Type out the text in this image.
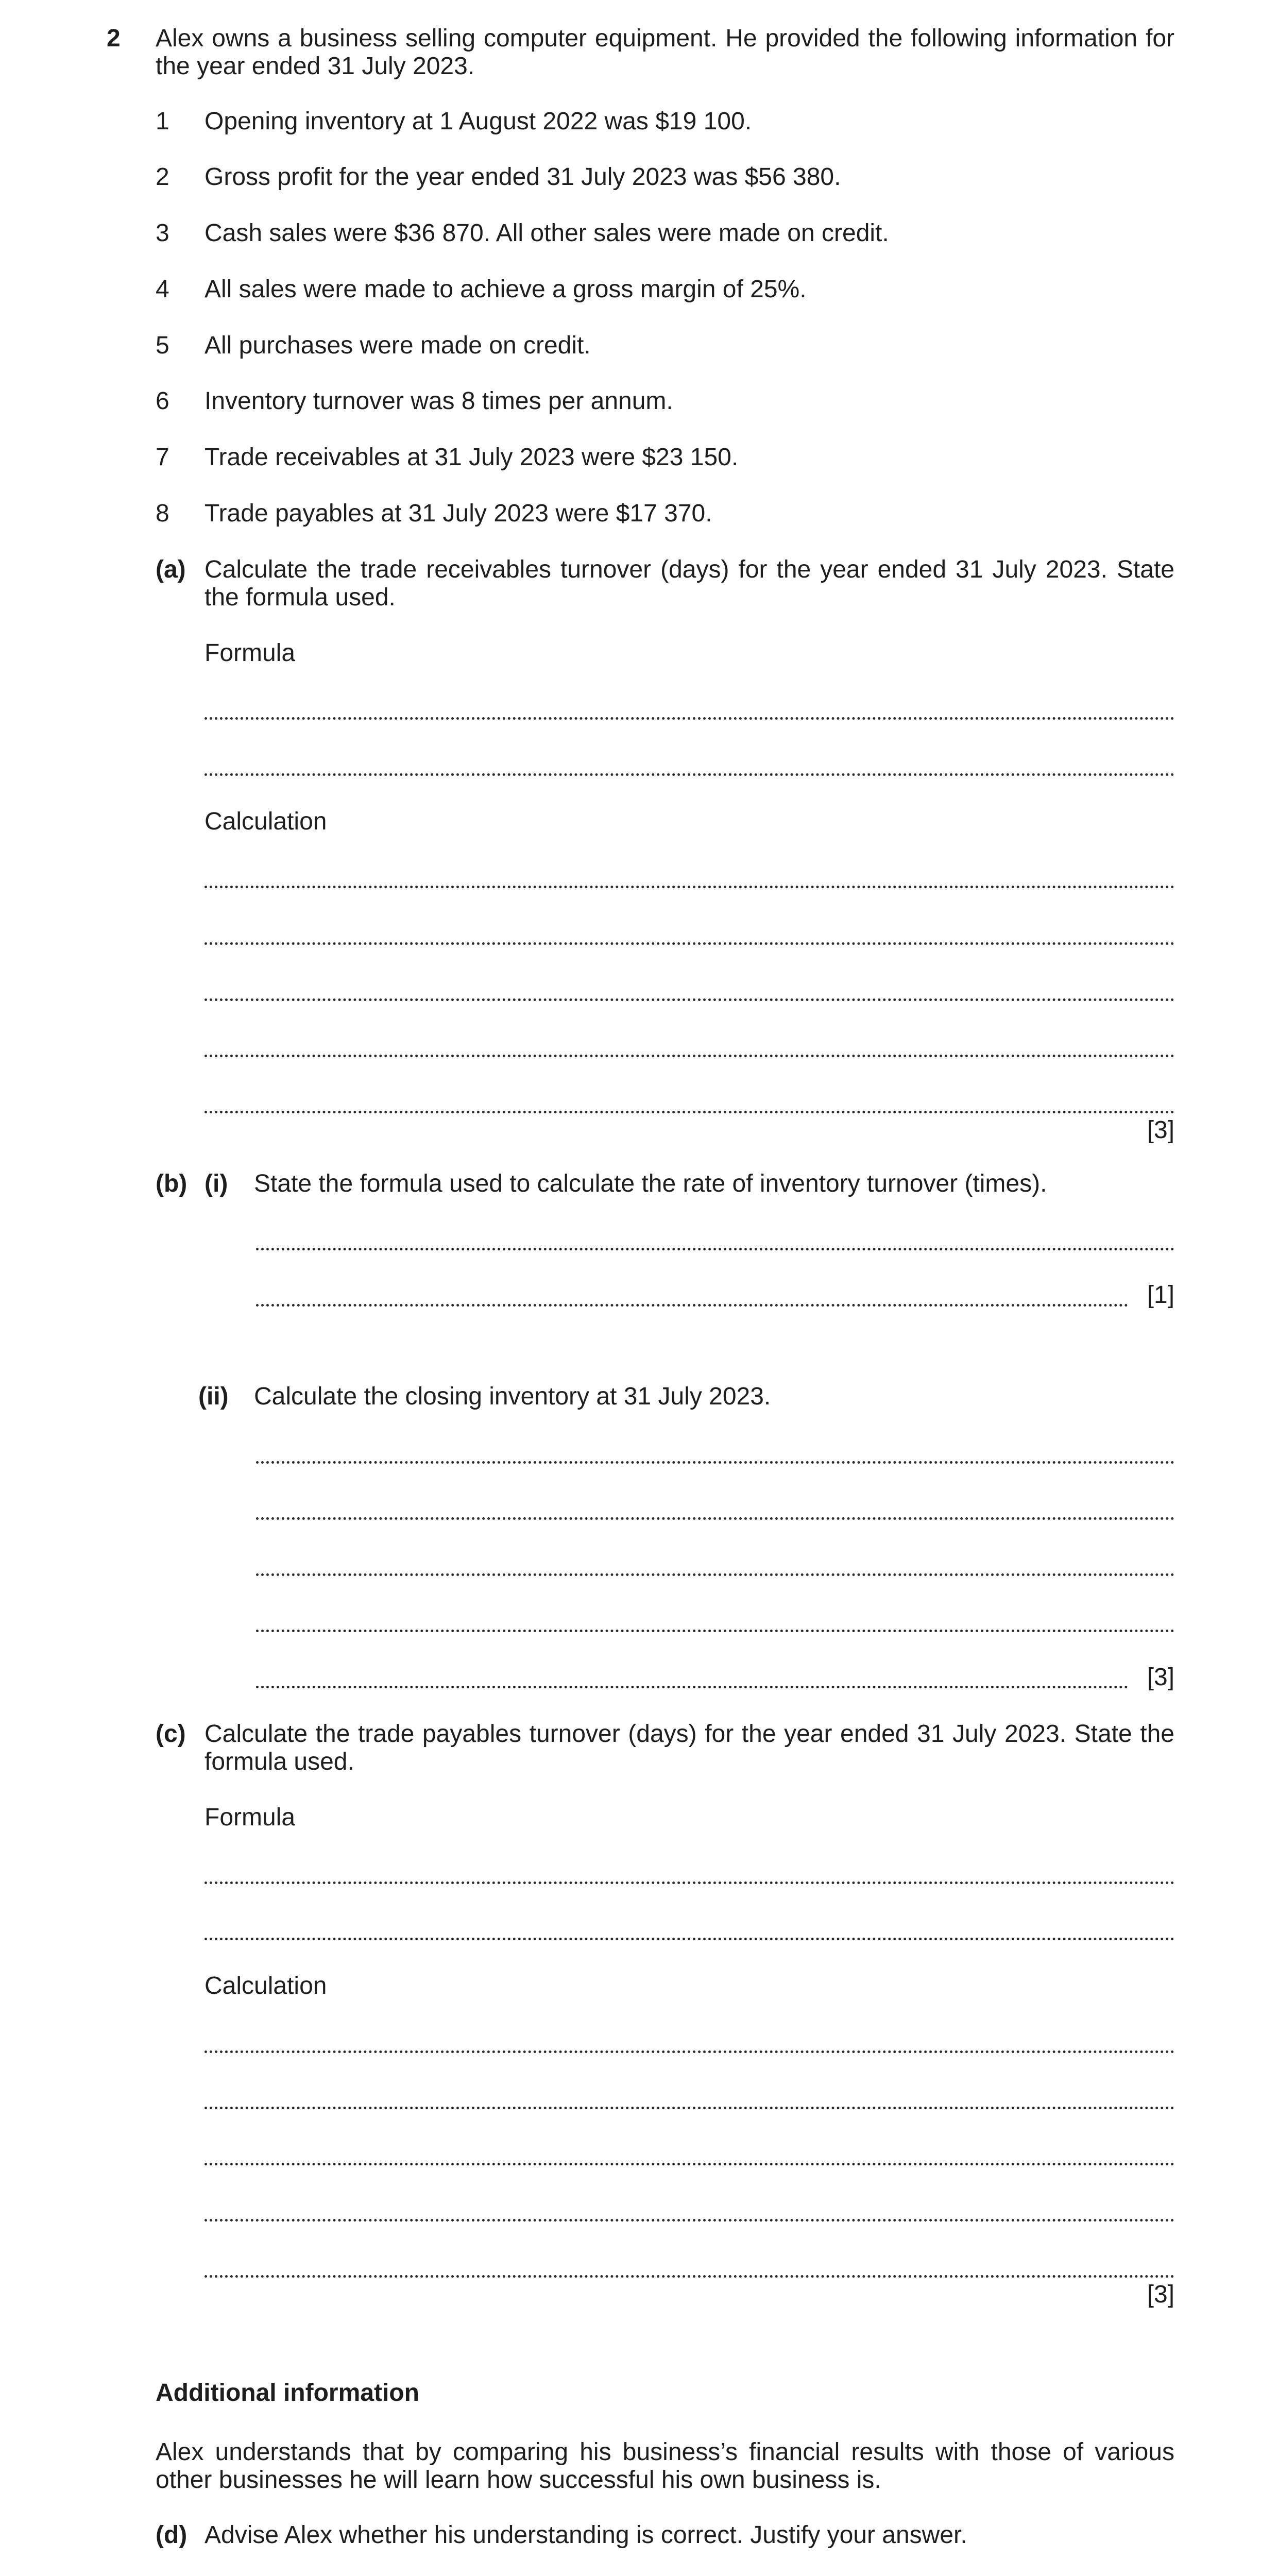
2 Alex owns a business selling computer equipment. He provided the following information for the year ended 31 July 2023.
1 Opening inventory at 1 August 2022 was $19 100.
2 Gross profit for the year ended 31 July 2023 was $56 380.
3 Cash sales were $36 870. All other sales were made on credit.
4 All sales were made to achieve a gross margin of 25%.
5 All purchases were made on credit.
6 Inventory turnover was 8 times per annum.
7 Trade receivables at 31 July 2023 were $23 150.
8 Trade payables at 31 July 2023 were $17 370.
(a) Calculate the trade receivables turnover (days) for the year ended 31 July 2023. State the formula used.
Formula
Calculation
[3]
(b) (i) State the formula used to calculate the rate of inventory turnover (times).
[1]
(ii) Calculate the closing inventory at 31 July 2023.
[3]
(c) Calculate the trade payables turnover (days) for the year ended 31 July 2023. State the formula used.
Formula
Calculation
[3]
Additional information
Alex understands that by comparing his business’s financial results with those of various other businesses he will learn how successful his own business is.
(d) Advise Alex whether his understanding is correct. Justify your answer.
